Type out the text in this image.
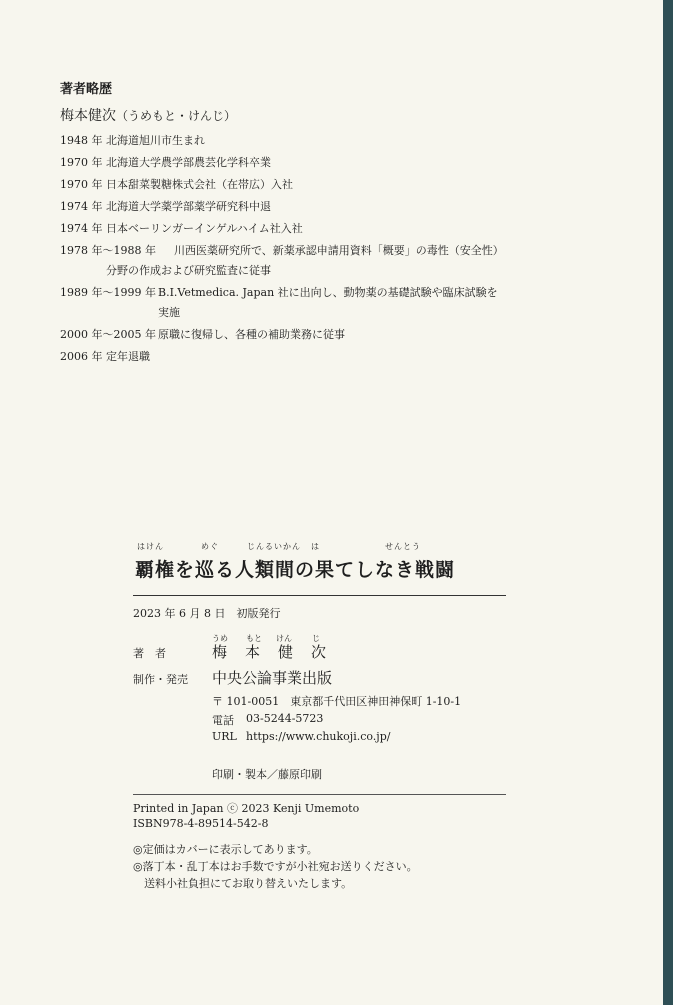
著者略歴
梅本健次（うめもと・けんじ）
1948 年 北海道旭川市生まれ
1970 年 北海道大学農学部農芸化学科卒業
1970 年 日本甜菜製糖株式会社（在帯広）入社
1974 年 北海道大学薬学部薬学研究科中退
1974 年 日本ベーリンガーインゲルハイム社入社
1978 年～1988 年 川西医薬研究所で、新薬承認申請用資料「概要」の毒性（安全性）
分野の作成および研究監査に従事
1989 年～1999 年 B.I.Vetmedica. Japan 社に出向し、動物薬の基礎試験や臨床試験を
実施
2000 年～2005 年 原職に復帰し、各種の補助業務に従事
2006 年 定年退職
はけん	めぐ	じんるいかん は	せんとう
覇権を巡る人類間の果てしなき戦闘
2023 年 6 月 8 日　初版発行
著　者
うめ もと けん	じ
梅本健次
制作・発売 中央公論事業出版
〒 101-0051　東京都千代田区神田神保町 1-10-1
電話 03-5244-5723
URL https://www.chukoji.co.jp/
印刷・製本／藤原印刷
Printed in Japan ⓒ 2023 Kenji Umemoto
ISBN978-4-89514-542-8
◎定価はカバーに表示してあります。
◎落丁本・乱丁本はお手数ですが小社宛お送りください。
　送料小社負担にてお取り替えいたします。
